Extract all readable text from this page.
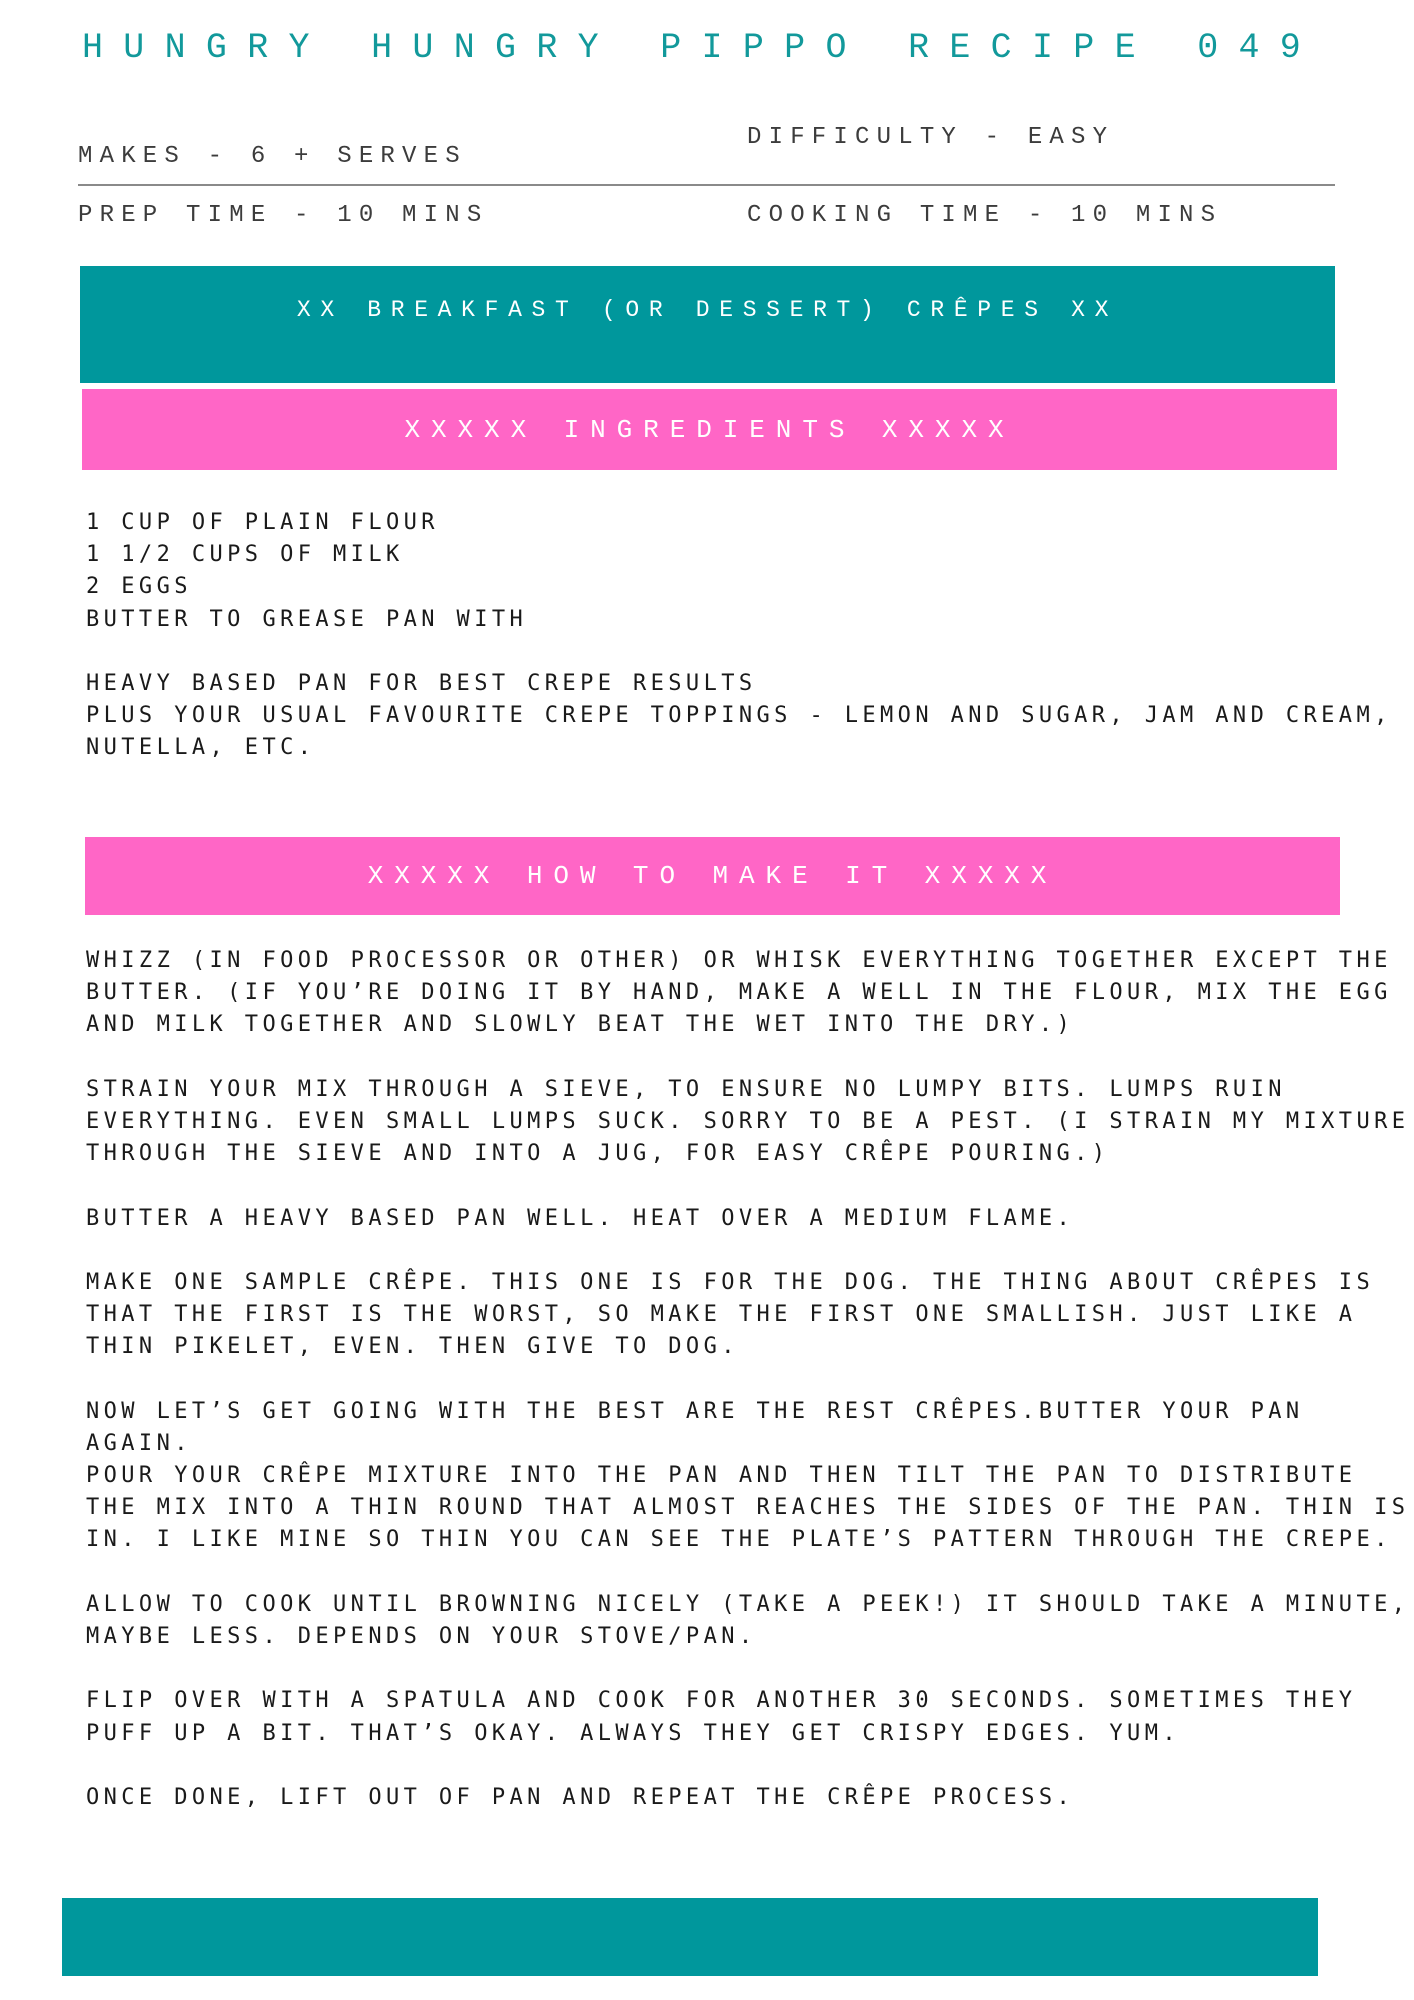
HUNGRY HUNGRY PIPPO RECIPE 049
MAKES - 6 + SERVES
DIFFICULTY - EASY
PREP TIME - 10 MINS	COOKING TIME - 10 MINS
XX BREAKFAST (OR DESSERT) CRÊPES XX
XXXXX INGREDIENTS XXXXX
1 CUP OF PLAIN FLOUR
1 1/2 CUPS OF MILK
2 EGGS
BUTTER TO GREASE PAN WITH
HEAVY BASED PAN FOR BEST CREPE RESULTS
PLUS YOUR USUAL FAVOURITE CREPE TOPPINGS - LEMON AND SUGAR, JAM AND CREAM,
NUTELLA, ETC.
XXXXX HOW TO MAKE IT XXXXX
WHIZZ (IN FOOD PROCESSOR OR OTHER) OR WHISK EVERYTHING TOGETHER EXCEPT THE
BUTTER. (IF YOU’RE DOING IT BY HAND, MAKE A WELL IN THE FLOUR, MIX THE EGG
AND MILK TOGETHER AND SLOWLY BEAT THE WET INTO THE DRY.)
STRAIN YOUR MIX THROUGH A SIEVE, TO ENSURE NO LUMPY BITS. LUMPS RUIN
EVERYTHING. EVEN SMALL LUMPS SUCK. SORRY TO BE A PEST. (I STRAIN MY MIXTURE
THROUGH THE SIEVE AND INTO A JUG, FOR EASY CRÊPE POURING.)
BUTTER A HEAVY BASED PAN WELL. HEAT OVER A MEDIUM FLAME.
MAKE ONE SAMPLE CRÊPE. THIS ONE IS FOR THE DOG. THE THING ABOUT CRÊPES IS
THAT THE FIRST IS THE WORST, SO MAKE THE FIRST ONE SMALLISH. JUST LIKE A
THIN PIKELET, EVEN. THEN GIVE TO DOG.
NOW LET’S GET GOING WITH THE BEST ARE THE REST CRÊPES.BUTTER YOUR PAN
AGAIN.
POUR YOUR CRÊPE MIXTURE INTO THE PAN AND THEN TILT THE PAN TO DISTRIBUTE
THE MIX INTO A THIN ROUND THAT ALMOST REACHES THE SIDES OF THE PAN. THIN IS
IN. I LIKE MINE SO THIN YOU CAN SEE THE PLATE’S PATTERN THROUGH THE CREPE.
ALLOW TO COOK UNTIL BROWNING NICELY (TAKE A PEEK!) IT SHOULD TAKE A MINUTE,
MAYBE LESS. DEPENDS ON YOUR STOVE/PAN.
FLIP OVER WITH A SPATULA AND COOK FOR ANOTHER 30 SECONDS. SOMETIMES THEY
PUFF UP A BIT. THAT’S OKAY. ALWAYS THEY GET CRISPY EDGES. YUM.
ONCE DONE, LIFT OUT OF PAN AND REPEAT THE CRÊPE PROCESS.
